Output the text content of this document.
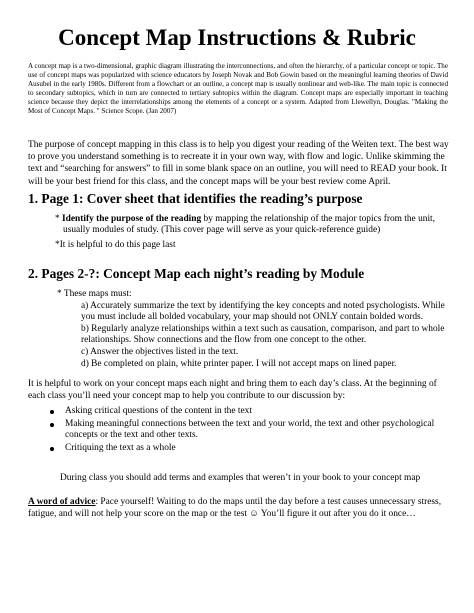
Concept Map Instructions & Rubric
A concept map is a two-dimensional, graphic diagram illustrating the interconnections, and often the hierarchy, of a particular concept or topic. The use of concept maps was popularized with science educators by Joseph Novak and Bob Gowin based on the meaningful learning theories of David Ausubel in the early 1980s. Different from a flowchart or an outline, a concept map is usually nonlinear and web-like. The main topic is connected to secondary subtopics, which in turn are connected to tertiary subtopics within the diagram. Concept maps are especially important in teaching science because they depict the interrelationships among the elements of a concept or a system. Adapted from Llewellyn, Douglas. "Making the Most of Concept Maps. " Science Scope. (Jan 2007)
The purpose of concept mapping in this class is to help you digest your reading of the Weiten text. The best way to prove you understand something is to recreate it in your own way, with flow and logic. Unlike skimming the text and “searching for answers” to fill in some blank space on an outline, you will need to READ your book. It will be your best friend for this class, and the concept maps will be your best review come April.
1. Page 1: Cover sheet that identifies the reading’s purpose
* Identify the purpose of the reading by mapping the relationship of the major topics from the unit,
usually modules of study. (This cover page will serve as your quick-reference guide)
*It is helpful to do this page last
2. Pages 2-?: Concept Map each night’s reading by Module
* These maps must:
a) Accurately summarize the text by identifying the key concepts and noted psychologists. While you must include all bolded vocabulary, your map should not ONLY contain bolded words.
b) Regularly analyze relationships within a text such as causation, comparison, and part to whole relationships. Show connections and the flow from one concept to the other.
c) Answer the objectives listed in the text.
d) Be completed on plain, white printer paper. I will not accept maps on lined paper.
It is helpful to work on your concept maps each night and bring them to each day’s class. At the beginning of each class you’ll need your concept map to help you contribute to our discussion by:
Asking critical questions of the content in the text
Making meaningful connections between the text and your world, the text and other psychological concepts or the text and other texts.
Critiquing the text as a whole
During class you should add terms and examples that weren’t in your book to your concept map
A word of advice: Pace yourself! Waiting to do the maps until the day before a test causes unnecessary stress, fatigue, and will not help your score on the map or the test ☺ You’ll figure it out after you do it once…
